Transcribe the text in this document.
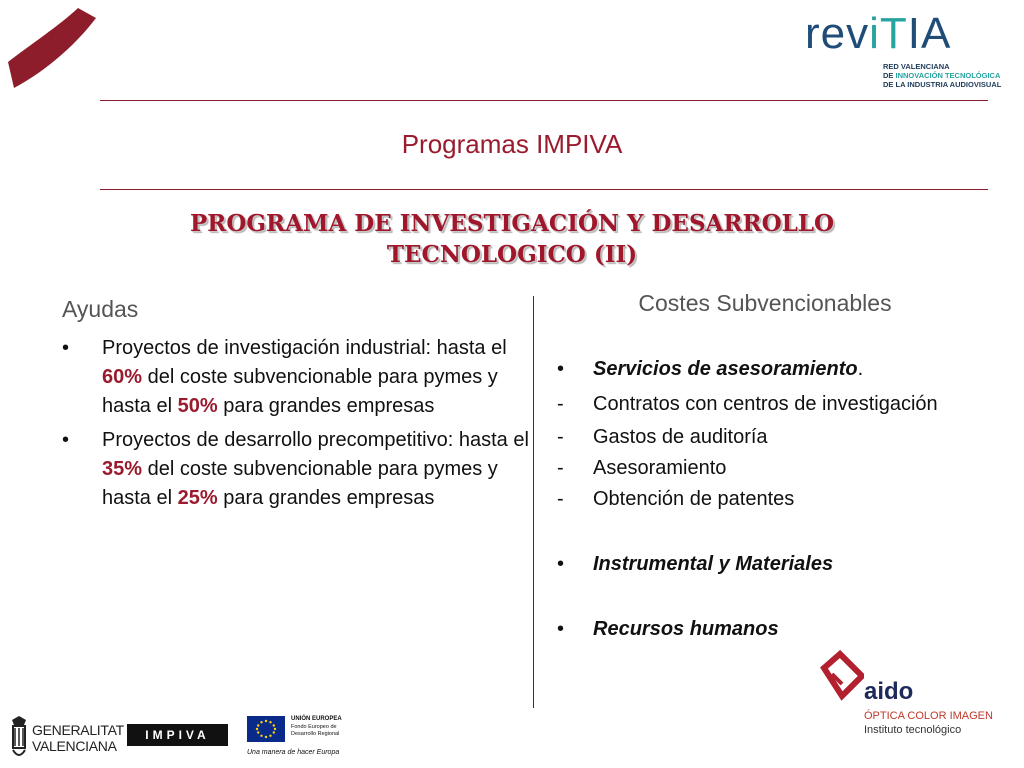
reviTIA
RED VALENCIANA
DE INNOVACIÓN TECNOLÓGICA
DE LA INDUSTRIA AUDIOVISUAL
Programas IMPIVA
PROGRAMA DE INVESTIGACIÓN Y DESARROLLO
TECNOLOGICO (II)
Ayudas
• Proyectos de investigación industrial: hasta el 60% del coste subvencionable para pymes y hasta el 50% para grandes empresas
• Proyectos de desarrollo precompetitivo: hasta el 35% del coste subvencionable para pymes y hasta el 25% para grandes empresas
Costes Subvencionables
• Servicios de asesoramiento.
- Contratos con centros de investigación
- Gastos de auditoría
- Asesoramiento
- Obtención de patentes
• Instrumental y Materiales
• Recursos humanos
aido
ÓPTICA COLOR IMAGEN
Instituto tecnológico
GENERALITAT
VALENCIANA
IMPIVA
UNIÓN EUROPEA
Fondo Europeo de
Desarrollo Regional
Una manera de hacer Europa
